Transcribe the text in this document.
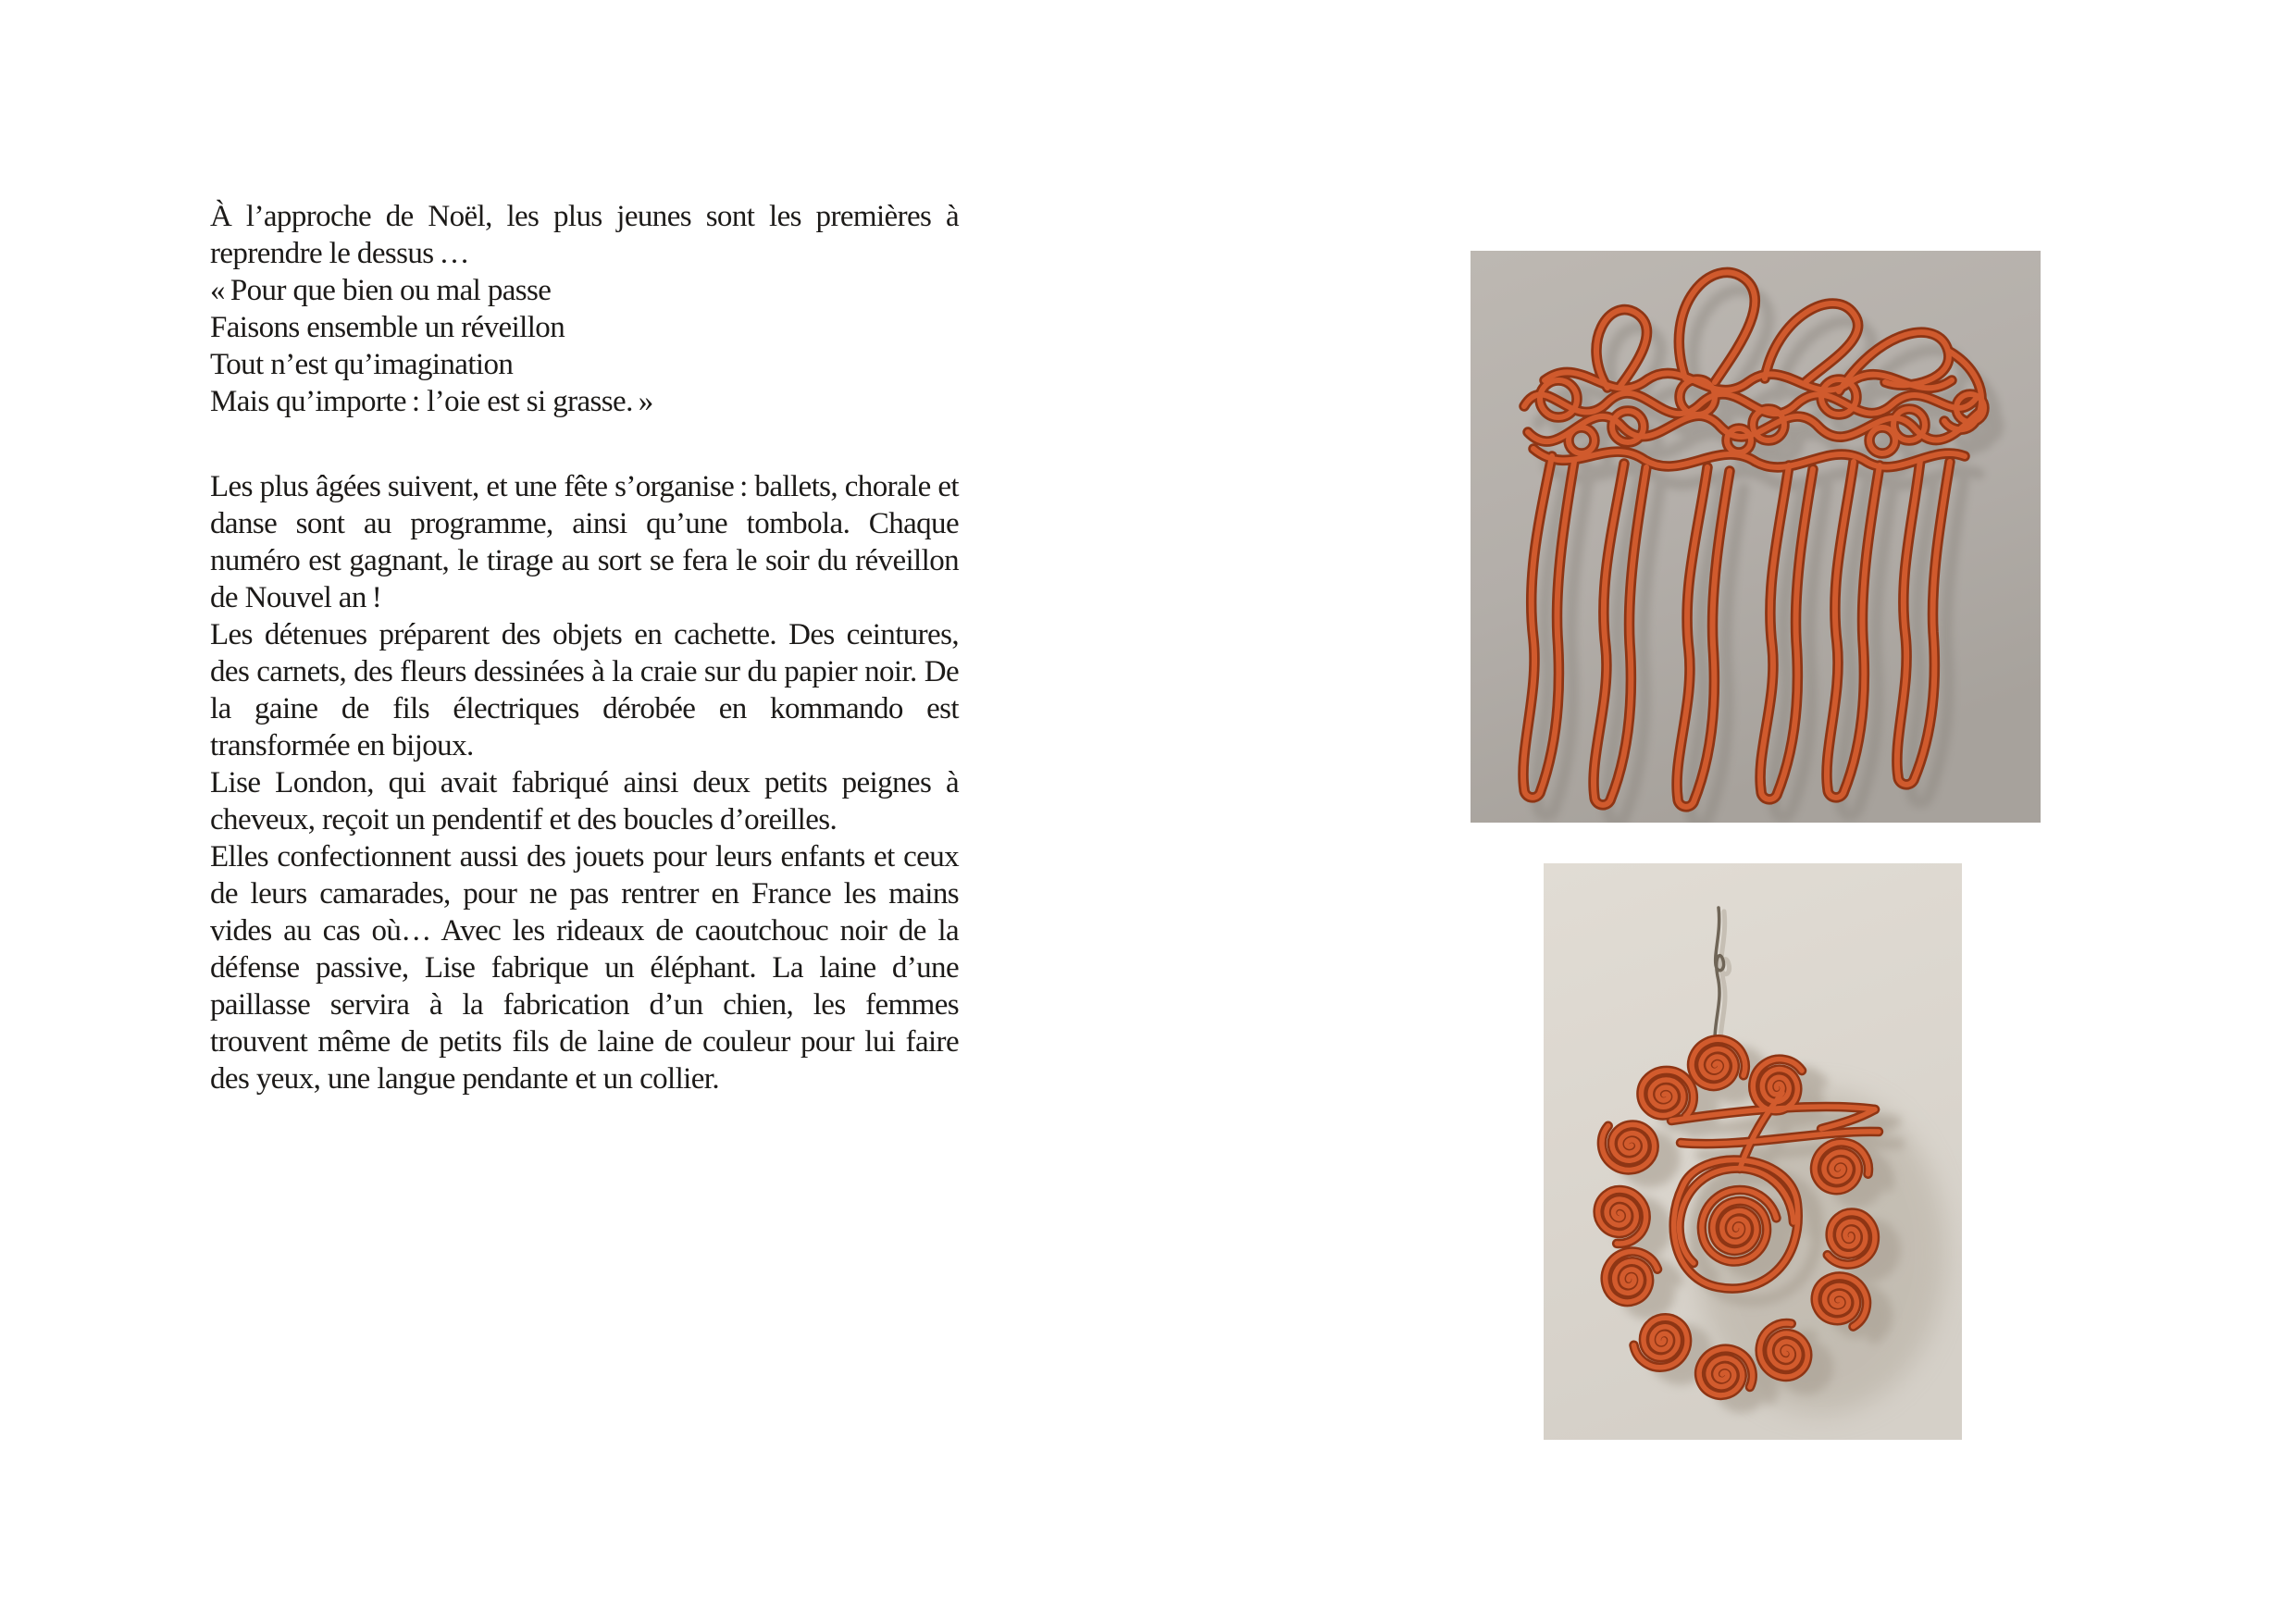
À l’approche de Noël, les plus jeunes sont les premières à reprendre le dessus …

« Pour que bien ou mal passe
Faisons ensemble un réveillon
Tout n’est qu’imagination
Mais qu’importe : l’oie est si grasse. »

Les plus âgées suivent, et une fête s’organise : ballets, chorale et danse sont au programme, ainsi qu’une tombola. Chaque numéro est gagnant, le tirage au sort se fera le soir du réveillon de Nouvel an !

Les détenues préparent des objets en cachette. Des ceintures, des carnets, des fleurs dessinées à la craie sur du papier noir. De la gaine de fils électriques dérobée en kommando est transformée en bijoux.

Lise London, qui avait fabriqué ainsi deux petits peignes à cheveux, reçoit un pendentif et des boucles d’oreilles.

Elles confectionnent aussi des jouets pour leurs enfants et ceux de leurs camarades, pour ne pas rentrer en France les mains vides au cas où… Avec les rideaux de caoutchouc noir de la défense passive, Lise fabrique un éléphant. La laine d’une paillasse servira à la fabrication d’un chien, les femmes trouvent même de petits fils de laine de couleur pour lui faire des yeux, une langue pendante et un collier.
